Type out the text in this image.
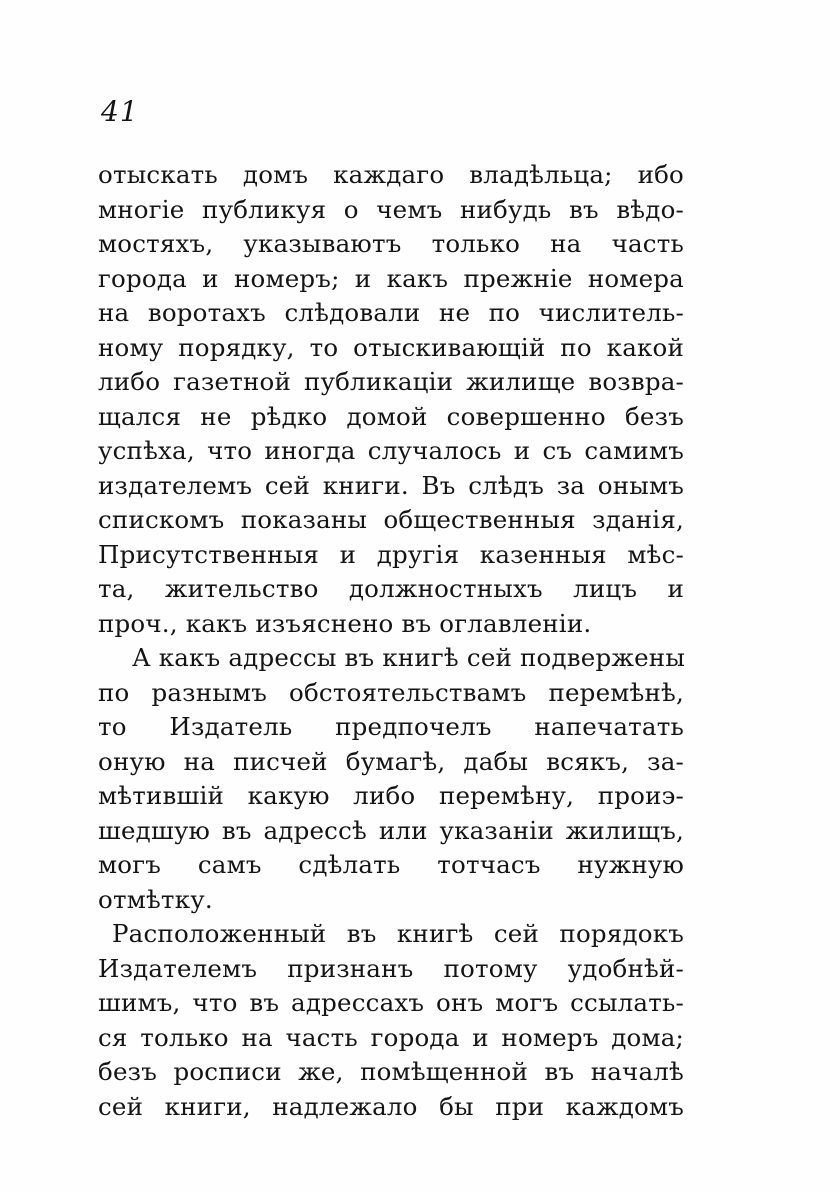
41
отыскать домъ каждаго владѣльца; ибо
многіе публикуя о чемъ нибудь въ вѣдо-
мостяхъ, указываютъ только на часть
города и номеръ; и какъ прежніе номера
на воротахъ слѣдовали не по числитель-
ному порядку, то отыскивающій по какой
либо газетной публикаціи жилище возвра-
щался не рѣдко домой совершенно безъ
успѣха, что иногда случалось и съ самимъ
издателемъ сей книги. Въ слѣдъ за онымъ
спискомъ показаны общественныя зданія,
Присутственныя и другія казенныя мѣс-
та, жительство должностныхъ лицъ и
проч., какъ изъяснено въ оглавленіи.
А какъ адрессы въ книгѣ сей подвержены
по разнымъ обстоятельствамъ перемѣнѣ,
то Издатель предпочелъ напечатать
оную на писчей бумагѣ, дабы всякъ, за-
мѣтившій какую либо перемѣну, проиэ-
шедшую въ адрессѣ или указаніи жилищъ,
могъ самъ сдѣлать тотчасъ нужную
отмѣтку.
Расположенный въ книгѣ сей порядокъ
Издателемъ признанъ потому удобнѣй-
шимъ, что въ адрессахъ онъ могъ ссылать-
ся только на часть города и номеръ дома;
безъ росписи же, помѣщенной въ началѣ
сей книги, надлежало бы при каждомъ
